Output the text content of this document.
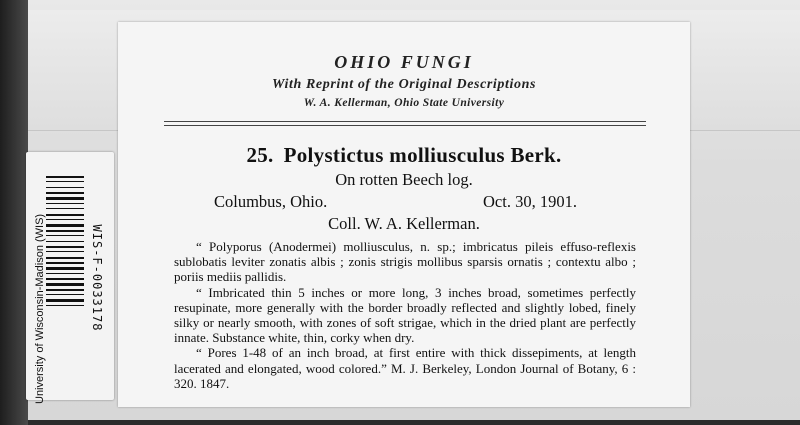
OHIO FUNGI
With Reprint of the Original Descriptions
W. A. Kellerman, Ohio State University
25. Polystictus molliusculus Berk.
On rotten Beech log.
Columbus, Ohio.	Oct. 30, 1901.
Coll. W. A. Kellerman.

“ Polyporus (Anodermei) molliusculus, n. sp.; imbricatus pileis effuso-reflexis sublobatis leviter zonatis albis ; zonis strigis mollibus sparsis ornatis ; contextu albo ; poriis mediis pallidis.

“ Imbricated thin 5 inches or more long, 3 inches broad, sometimes perfectly resupinate, more generally with the border broadly reflected and slightly lobed, finely silky or nearly smooth, with zones of soft strigae, which in the dried plant are perfectly innate. Substance white, thin, corky when dry.

“ Pores 1-48 of an inch broad, at first entire with thick dissepiments, at length lacerated and elongated, wood colored.” M. J. Berkeley, London Journal of Botany, 6 : 320. 1847.

University of Wisconsin-Madison (WIS)	WIS-F-0033178
